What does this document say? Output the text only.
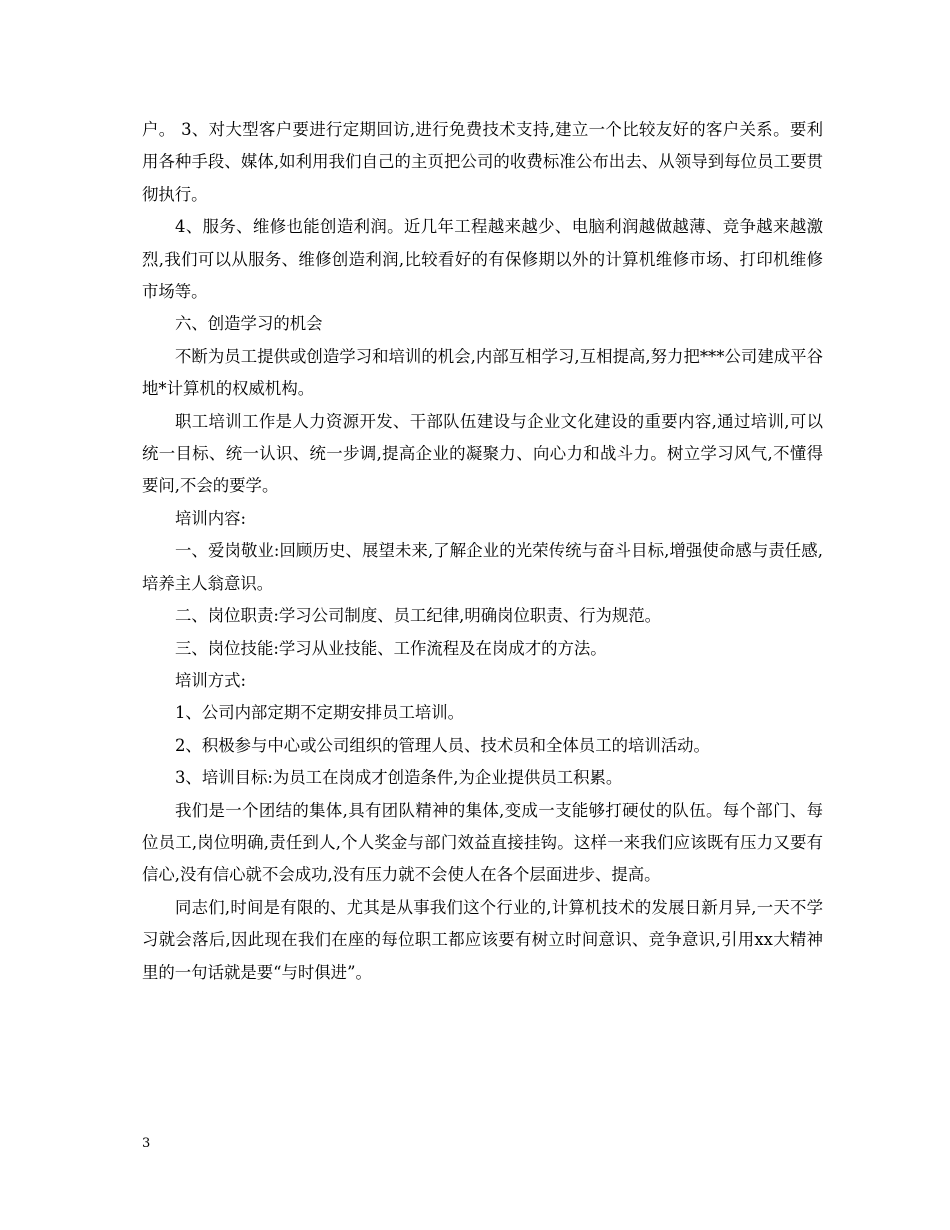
户。 3、对大型客户要进行定期回访,进行免费技术支持,建立一个比较友好的客户关系。要利用各种手段、媒体,如利用我们自己的主页把公司的收费标准公布出去、从领导到每位员工要贯彻执行。

4、服务、维修也能创造利润。近几年工程越来越少、电脑利润越做越薄、竞争越来越激烈,我们可以从服务、维修创造利润,比较看好的有保修期以外的计算机维修市场、打印机维修市场等。

六、创造学习的机会

不断为员工提供或创造学习和培训的机会,内部互相学习,互相提高,努力把***公司建成平谷地*计算机的权威机构。

职工培训工作是人力资源开发、干部队伍建设与企业文化建设的重要内容,通过培训,可以统一目标、统一认识、统一步调,提高企业的凝聚力、向心力和战斗力。树立学习风气,不懂得要问,不会的要学。

培训内容:

一、爱岗敬业:回顾历史、展望未来,了解企业的光荣传统与奋斗目标,增强使命感与责任感,培养主人翁意识。

二、岗位职责:学习公司制度、员工纪律,明确岗位职责、行为规范。

三、岗位技能:学习从业技能、工作流程及在岗成才的方法。

培训方式:

1、公司内部定期不定期安排员工培训。

2、积极参与中心或公司组织的管理人员、技术员和全体员工的培训活动。

3、培训目标:为员工在岗成才创造条件,为企业提供员工积累。

我们是一个团结的集体,具有团队精神的集体,变成一支能够打硬仗的队伍。每个部门、每位员工,岗位明确,责任到人,个人奖金与部门效益直接挂钩。这样一来我们应该既有压力又要有信心,没有信心就不会成功,没有压力就不会使人在各个层面进步、提高。

同志们,时间是有限的、尤其是从事我们这个行业的,计算机技术的发展日新月异,一天不学习就会落后,因此现在我们在座的每位职工都应该要有树立时间意识、竞争意识,引用xx大精神里的一句话就是要“与时俱进”。

3
